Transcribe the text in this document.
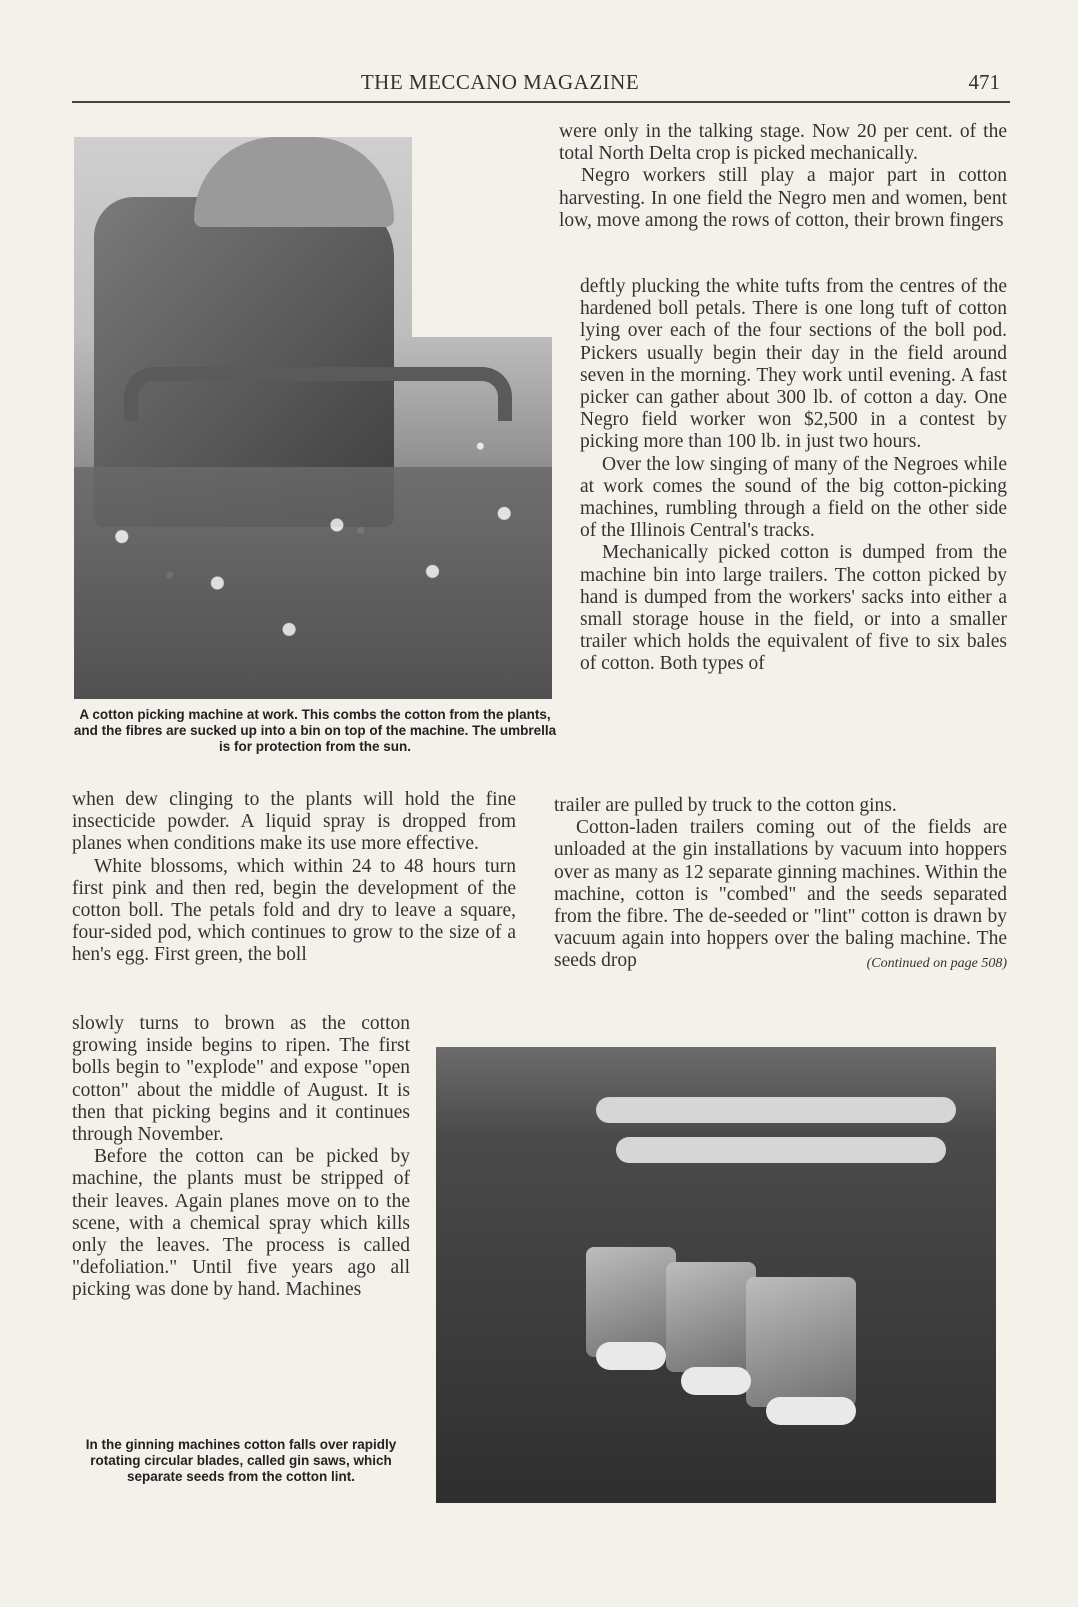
THE MECCANO MAGAZINE	471
A cotton picking machine at work. This combs the cotton from the plants, and the fibres are sucked up into a bin on top of the machine. The umbrella is for protection from the sun.

were only in the talking stage. Now 20 per cent. of the total North Delta crop is picked mechanically.

Negro workers still play a major part in cotton harvesting. In one field the Negro men and women, bent low, move among the rows of cotton, their brown fingers

deftly plucking the white tufts from the centres of the hardened boll petals. There is one long tuft of cotton lying over each of the four sections of the boll pod. Pickers usually begin their day in the field around seven in the morning. They work until evening. A fast picker can gather about 300 lb. of cotton a day. One Negro field worker won $2,500 in a contest by picking more than 100 lb. in just two hours.

Over the low singing of many of the Negroes while at work comes the sound of the big cotton-picking machines, rumbling through a field on the other side of the Illinois Central's tracks.

Mechanically picked cotton is dumped from the machine bin into large trailers. The cotton picked by hand is dumped from the workers' sacks into either a small storage house in the field, or into a smaller trailer which holds the equivalent of five to six bales of cotton. Both types of

trailer are pulled by truck to the cotton gins.

Cotton-laden trailers coming out of the fields are unloaded at the gin installations by vacuum into hoppers over as many as 12 separate ginning machines. Within the machine, cotton is "combed" and the seeds separated from the fibre. The de-seeded or "lint" cotton is drawn by vacuum again into hoppers over the baling machine. The seeds drop	(Continued on page 508)

when dew clinging to the plants will hold the fine insecticide powder. A liquid spray is dropped from planes when conditions make its use more effective.

White blossoms, which within 24 to 48 hours turn first pink and then red, begin the development of the cotton boll. The petals fold and dry to leave a square, four-sided pod, which continues to grow to the size of a hen's egg. First green, the boll

slowly turns to brown as the cotton growing inside begins to ripen. The first bolls begin to "explode" and expose "open cotton" about the middle of August. It is then that picking begins and it continues through November.

Before the cotton can be picked by machine, the plants must be stripped of their leaves. Again planes move on to the scene, with a chemical spray which kills only the leaves. The process is called "defoliation." Until five years ago all picking was done by hand. Machines

In the ginning machines cotton falls over rapidly rotating circular blades, called gin saws, which separate seeds from the cotton lint.
